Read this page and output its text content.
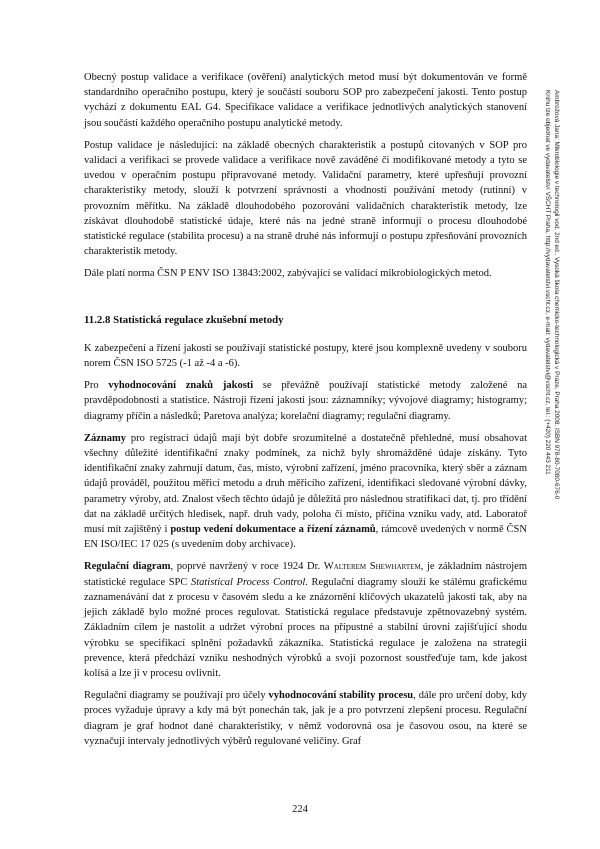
Obecný postup validace a verifikace (ověření) analytických metod musí být dokumentován ve formě standardního operačního postupu, který je součástí souboru SOP pro zabezpečení jakosti. Tento postup vychází z dokumentu EAL G4. Specifikace validace a verifikace jednotlivých analytických stanovení jsou součástí každého operačního postupu analytické metody.

Postup validace je následující: na základě obecných charakteristik a postupů citovaných v SOP pro validaci a verifikaci se provede validace a verifikace nově zaváděné či modifikované metody a tyto se uvedou v operačním postupu připravované metody. Validační parametry, které upřesňují provozní charakteristiky metody, slouží k potvrzení správnosti a vhodnosti používání metody (rutinní) v provozním měřítku. Na základě dlouhodobého pozorování validačních charakteristik metody, lze získávat dlouhodobě statistické údaje, které nás na jedné straně informují o procesu dlouhodobé statistické regulace (stabilita procesu) a na straně druhé nás informují o postupu zpřesňování provozních charakteristik metody.

Dále platí norma ČSN P ENV ISO 13843:2002, zabývající se validací mikrobiologických metod.

11.2.8 Statistická regulace zkušební metody

K zabezpečení a řízení jakosti se používají statistické postupy, které jsou komplexně uvedeny v souboru norem ČSN ISO 5725 (-1 až -4 a -6).

Pro vyhodnocování znaků jakosti se převážně používají statistické metody založené na pravděpodobnosti a statistice. Nástroji řízení jakosti jsou: záznamníky; vývojové diagramy; histogramy; diagramy příčin a následků; Paretova analýza; korelační diagramy; regulační diagramy.

Záznamy pro registraci údajů mají být dobře srozumitelné a dostatečně přehledné, musí obsahovat všechny důležité identifikační znaky podmínek, za nichž byly shromážděné údaje získány. Tyto identifikační znaky zahrnují datum, čas, místo, výrobní zařízení, jméno pracovníka, který sběr a záznam údajů prováděl, použitou měřicí metodu a druh měřicího zařízení, identifikaci sledované výrobní dávky, parametry výroby, atd. Znalost všech těchto údajů je důležitá pro následnou stratifikaci dat, tj. pro třídění dat na základě určitých hledisek, např. druh vady, poloha či místo, příčina vzniku vady, atd. Laboratoř musí mít zajištěný i postup vedení dokumentace a řízení záznamů, rámcově uvedených v normě ČSN EN ISO/IEC 17 025 (s uvedením doby archivace).

Regulační diagram, poprvé navržený v roce 1924 Dr. Walterem Shewhartem, je základním nástrojem statistické regulace SPC Statistical Process Control. Regulační diagramy slouží ke stálému grafickému zaznamenávání dat z procesu v časovém sledu a ke znázornění klíčových ukazatelů jakosti tak, aby na jejich základě bylo možné proces regulovat. Statistická regulace představuje zpětnovazebný systém. Základním cílem je nastolit a udržet výrobní proces na přípustné a stabilní úrovni zajišťující shodu výrobku se specifikací splnění požadavků zákazníka. Statistická regulace je založena na strategii prevence, která předchází vzniku neshodných výrobků a svojí pozornost soustřeďuje tam, kde jakost kolísá a lze ji v procesu ovlivnit.

Regulační diagramy se používají pro účely vyhodnocování stability procesu, dále pro určení doby, kdy proces vyžaduje úpravy a kdy má být ponechán tak, jak je a pro potvrzení zlepšení procesu. Regulační diagram je graf hodnot dané charakteristiky, v němž vodorovná osa je časovou osou, na které se vyznačují intervaly jednotlivých výběrů regulované veličiny. Graf

224
Ambrožová Jana: Mikrobiologie v technologii vod. 2nd ed.. Vysoká škola chemicko-technologická v Praze, Praha 2008. ISBN 978-80-7080-676-0
Knihu lze objednat ve vydavatelství VŠCHT Praha, http://vydavatelstvi.vscht.cz, e-mail: vydavatelstvi@vscht.cz, tel.: (+420) 220 443 211
